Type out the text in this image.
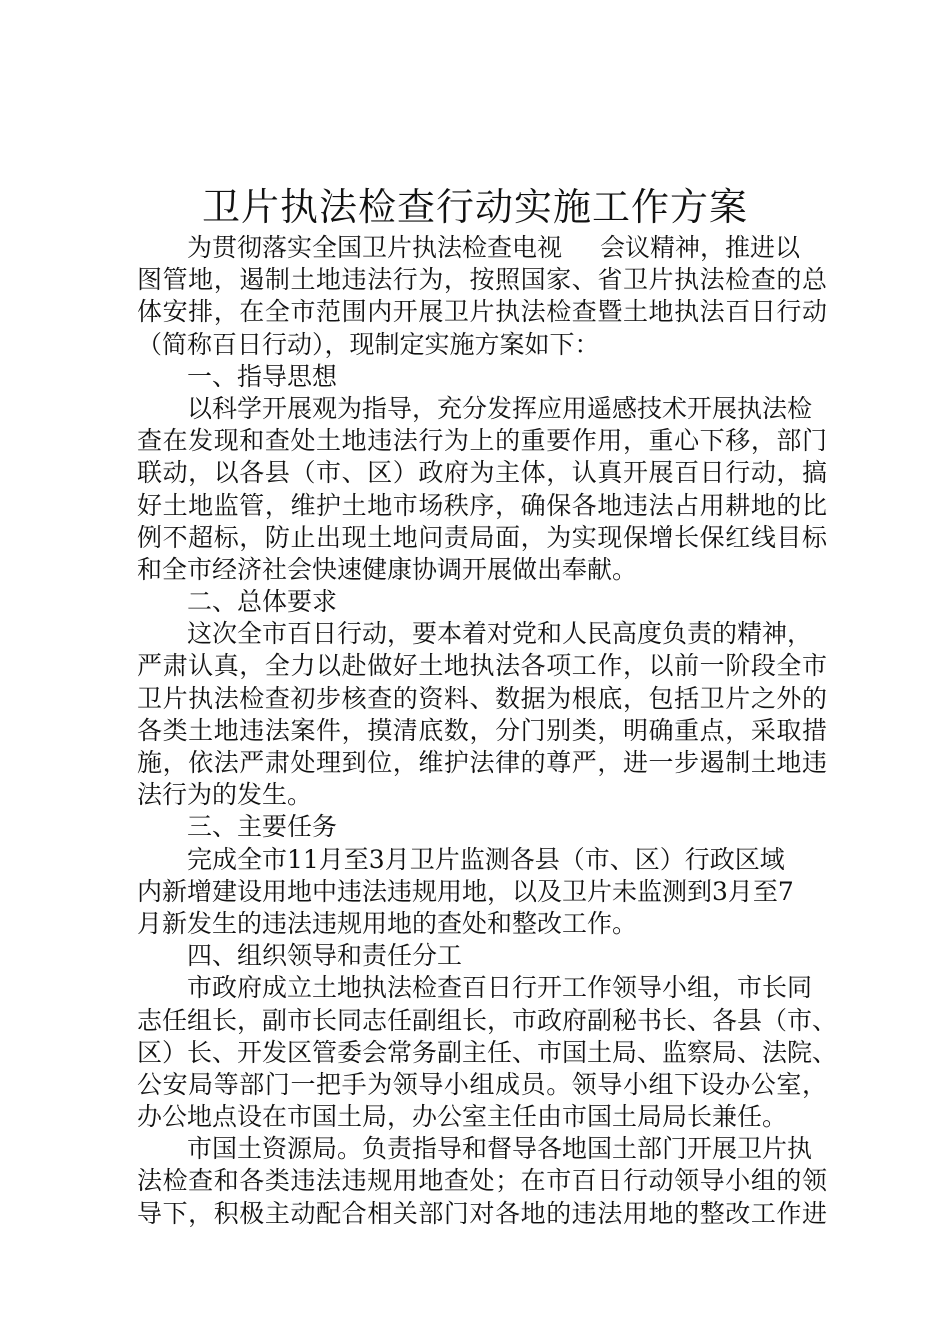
卫片执法检查行动实施工作方案
为贯彻落实全国卫片执法检查电视 会议精神，推进以
图管地，遏制土地违法行为，按照国家、省卫片执法检查的总
体安排，在全市范围内开展卫片执法检查暨土地执法百日行动
（简称百日行动），现制定实施方案如下：
一、指导思想
以科学开展观为指导，充分发挥应用遥感技术开展执法检
查在发现和查处土地违法行为上的重要作用，重心下移，部门
联动，以各县（市、区）政府为主体，认真开展百日行动，搞
好土地监管，维护土地市场秩序，确保各地违法占用耕地的比
例不超标，防止出现土地问责局面，为实现保增长保红线目标
和全市经济社会快速健康协调开展做出奉献。
二、总体要求
这次全市百日行动，要本着对党和人民高度负责的精神，
严肃认真，全力以赴做好土地执法各项工作，以前一阶段全市
卫片执法检查初步核查的资料、数据为根底，包括卫片之外的
各类土地违法案件，摸清底数，分门别类，明确重点，采取措
施，依法严肃处理到位，维护法律的尊严，进一步遏制土地违
法行为的发生。
三、主要任务
完成全市11月至3月卫片监测各县（市、区）行政区域
内新增建设用地中违法违规用地，以及卫片未监测到3月至7
月新发生的违法违规用地的查处和整改工作。
四、组织领导和责任分工
市政府成立土地执法检查百日行开工作领导小组，市长同
志任组长，副市长同志任副组长，市政府副秘书长、各县（市、
区）长、开发区管委会常务副主任、市国土局、监察局、法院、
公安局等部门一把手为领导小组成员。领导小组下设办公室，
办公地点设在市国土局，办公室主任由市国土局局长兼任。
市国土资源局。负责指导和督导各地国土部门开展卫片执
法检查和各类违法违规用地查处；在市百日行动领导小组的领
导下，积极主动配合相关部门对各地的违法用地的整改工作进
